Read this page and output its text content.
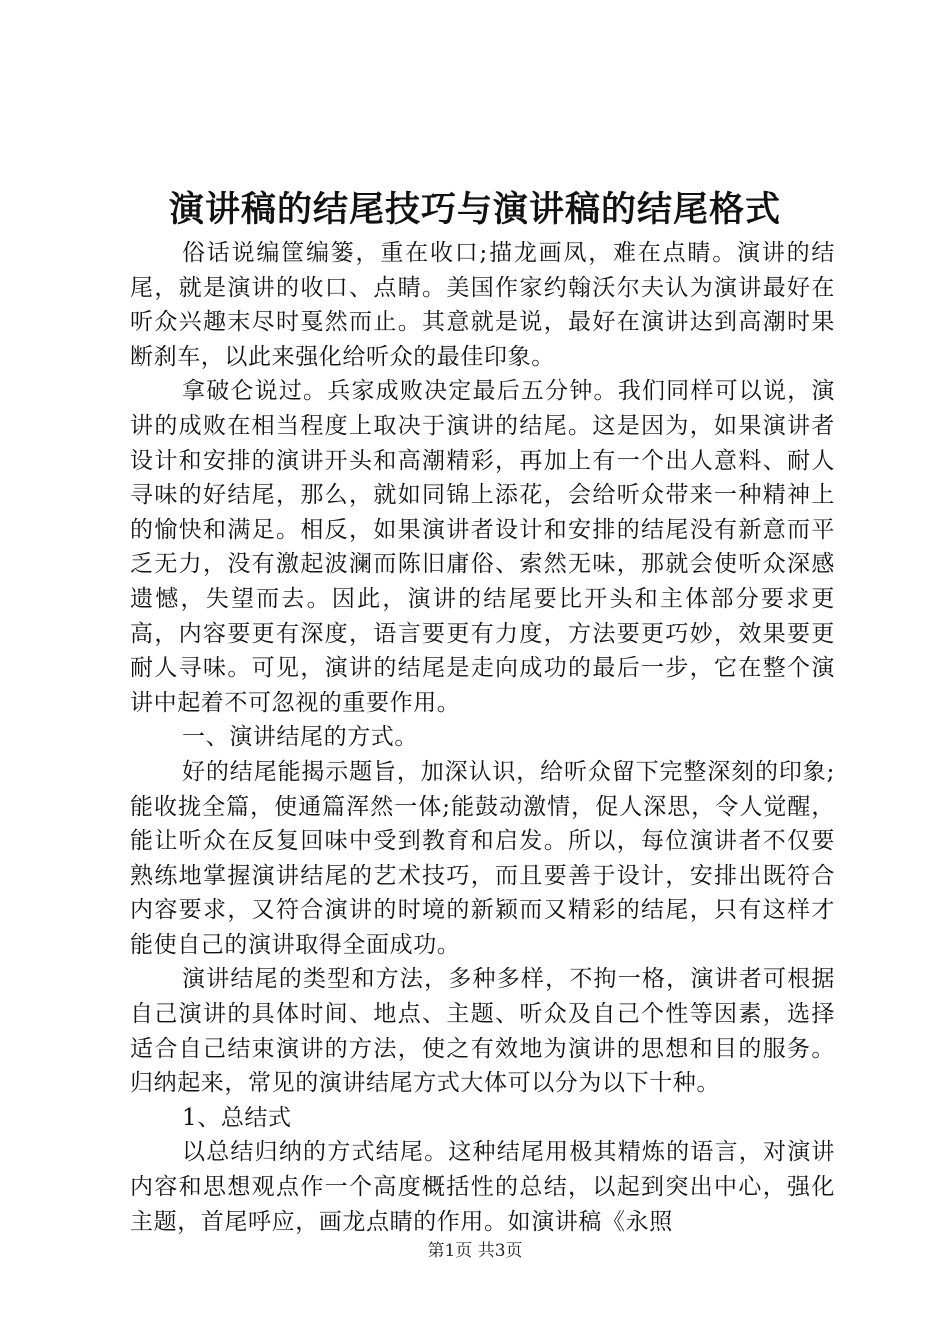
演讲稿的结尾技巧与演讲稿的结尾格式

俗话说编筐编篓，重在收口;描龙画凤，难在点睛。演讲的结尾，就是演讲的收口、点睛。美国作家约翰沃尔夫认为演讲最好在听众兴趣末尽时戛然而止。其意就是说，最好在演讲达到高潮时果断刹车，以此来强化给听众的最佳印象。

拿破仑说过。兵家成败决定最后五分钟。我们同样可以说，演讲的成败在相当程度上取决于演讲的结尾。这是因为，如果演讲者设计和安排的演讲开头和高潮精彩，再加上有一个出人意料、耐人寻味的好结尾，那么，就如同锦上添花，会给听众带来一种精神上的愉快和满足。相反，如果演讲者设计和安排的结尾没有新意而平乏无力，没有激起波澜而陈旧庸俗、索然无味，那就会使听众深感遗憾，失望而去。因此，演讲的结尾要比开头和主体部分要求更高，内容要更有深度，语言要更有力度，方法要更巧妙，效果要更耐人寻味。可见，演讲的结尾是走向成功的最后一步，它在整个演讲中起着不可忽视的重要作用。

一、演讲结尾的方式。

好的结尾能揭示题旨，加深认识，给听众留下完整深刻的印象;能收拢全篇，使通篇浑然一体;能鼓动激情，促人深思，令人觉醒，能让听众在反复回味中受到教育和启发。所以，每位演讲者不仅要熟练地掌握演讲结尾的艺术技巧，而且要善于设计，安排出既符合内容要求，又符合演讲的时境的新颖而又精彩的结尾，只有这样才能使自己的演讲取得全面成功。

演讲结尾的类型和方法，多种多样，不拘一格，演讲者可根据自己演讲的具体时间、地点、主题、听众及自己个性等因素，选择适合自己结束演讲的方法，使之有效地为演讲的思想和目的服务。归纳起来，常见的演讲结尾方式大体可以分为以下十种。

1、总结式

以总结归纳的方式结尾。这种结尾用极其精炼的语言，对演讲内容和思想观点作一个高度概括性的总结，以起到突出中心，强化主题，首尾呼应，画龙点睛的作用。如演讲稿《永照

第1页 共3页
